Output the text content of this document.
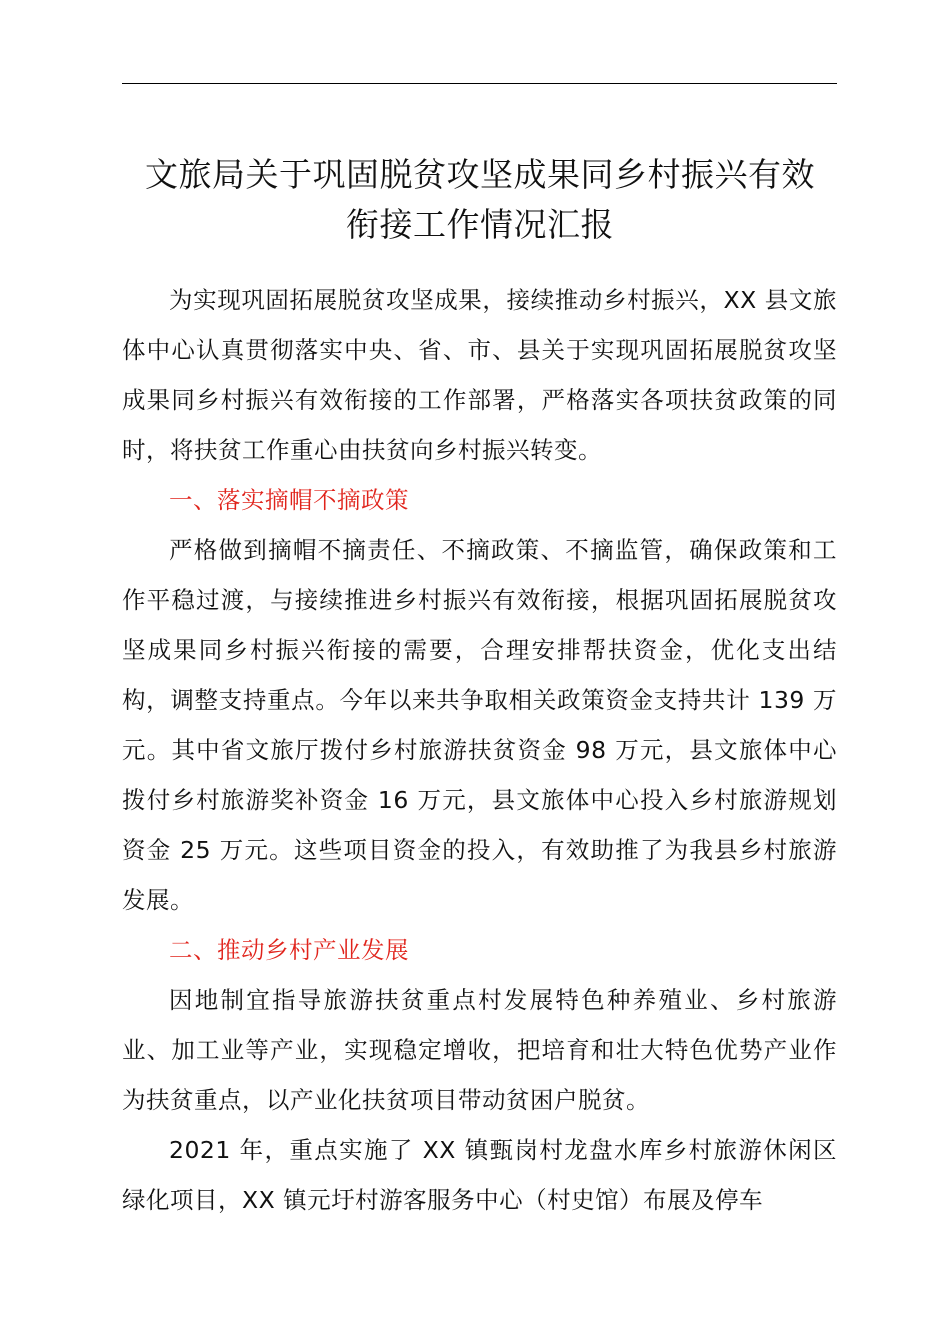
文旅局关于巩固脱贫攻坚成果同乡村振兴有效
衔接工作情况汇报

为实现巩固拓展脱贫攻坚成果，接续推动乡村振兴，XX 县文旅体中心认真贯彻落实中央、省、市、县关于实现巩固拓展脱贫攻坚成果同乡村振兴有效衔接的工作部署，严格落实各项扶贫政策的同时，将扶贫工作重心由扶贫向乡村振兴转变。

一、落实摘帽不摘政策

严格做到摘帽不摘责任、不摘政策、不摘监管，确保政策和工作平稳过渡，与接续推进乡村振兴有效衔接，根据巩固拓展脱贫攻坚成果同乡村振兴衔接的需要，合理安排帮扶资金，优化支出结构，调整支持重点。今年以来共争取相关政策资金支持共计 139 万元。其中省文旅厅拨付乡村旅游扶贫资金 98 万元，县文旅体中心拨付乡村旅游奖补资金 16 万元，县文旅体中心投入乡村旅游规划资金 25 万元。这些项目资金的投入，有效助推了为我县乡村旅游发展。

二、推动乡村产业发展

因地制宜指导旅游扶贫重点村发展特色种养殖业、乡村旅游业、加工业等产业，实现稳定增收，把培育和壮大特色优势产业作为扶贫重点，以产业化扶贫项目带动贫困户脱贫。

2021 年，重点实施了 XX 镇甄岗村龙盘水库乡村旅游休闲区绿化项目，XX 镇元圩村游客服务中心（村史馆）布展及停车
